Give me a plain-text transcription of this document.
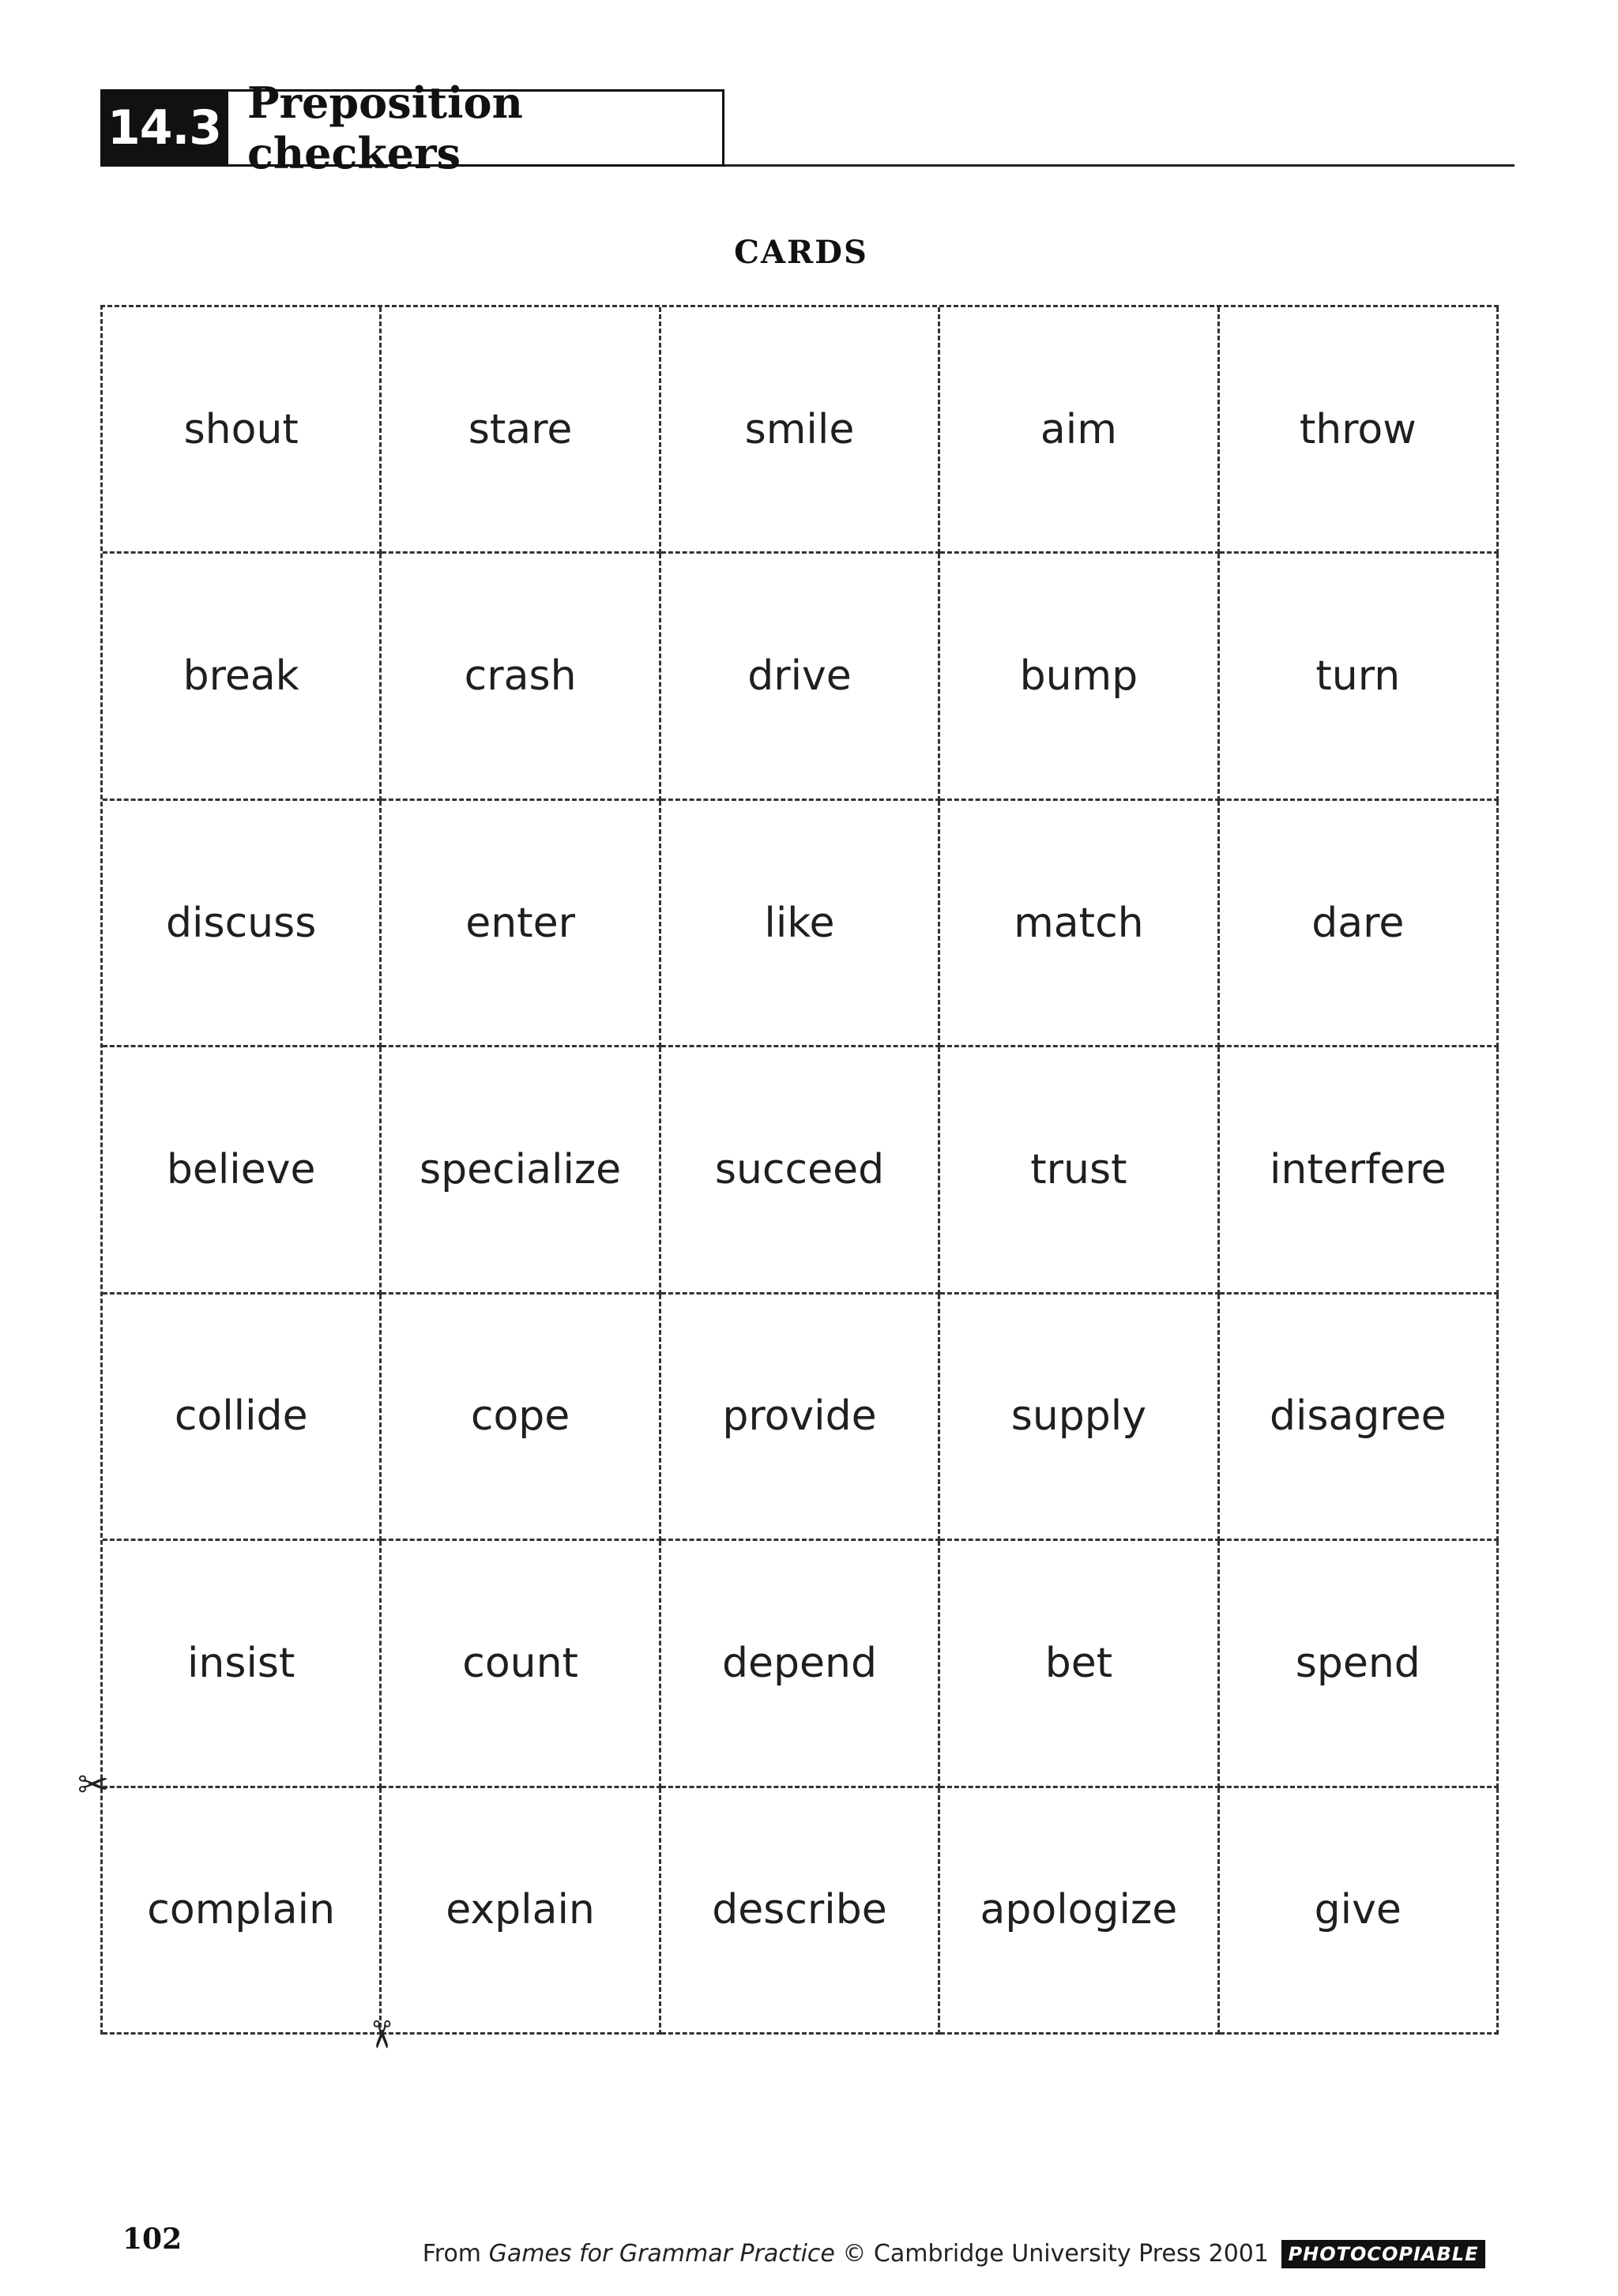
14.3 Preposition checkers
CARDS
shout	stare	smile	aim	throw
break	crash	drive	bump	turn
discuss	enter	like	match	dare
believe	specialize	succeed	trust	interfere
collide	cope	provide	supply	disagree
insist	count	depend	bet	spend
complain	explain	describe	apologize	give
✂
✂
102	From Games for Grammar Practice © Cambridge University Press 2001	PHOTOCOPIABLE
